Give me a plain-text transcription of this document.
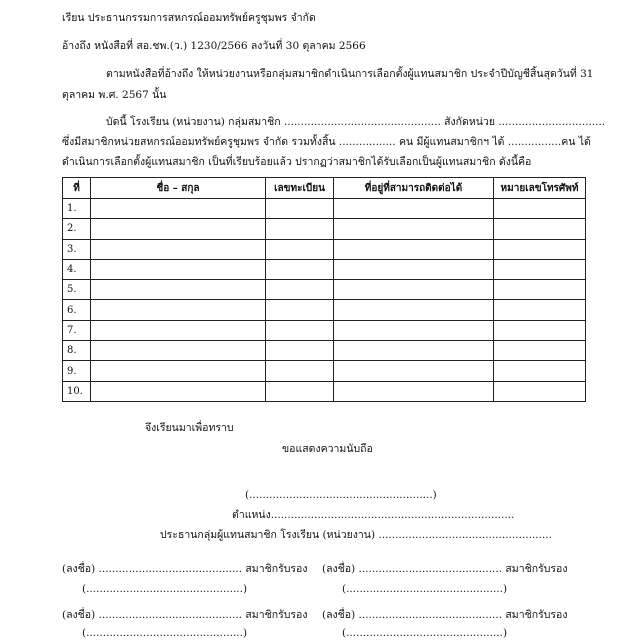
เรียน ประธานกรรมการสหกรณ์ออมทรัพย์ครูชุมพร จำกัด
อ้างถึง หนังสือที่ สอ.ชพ.(ว.) 1230/2566 ลงวันที่ 30 ตุลาคม 2566
ตามหนังสือที่อ้างถึง ให้หน่วยงานหรือกลุ่มสมาชิกดำเนินการเลือกตั้งผู้แทนสมาชิก ประจำปีบัญชีสิ้นสุดวันที่ 31
ตุลาคม พ.ศ. 2567 นั้น
บัดนี้ โรงเรียน (หน่วยงาน) กลุ่มสมาชิก ............................................... สังกัดหน่วย ................................
ซึ่งมีสมาชิกหน่วยสหกรณ์ออมทรัพย์ครูชุมพร จำกัด รวมทั้งสิ้น ................. คน มีผู้แทนสมาชิกฯ ได้ ................คน ได้
ดำเนินการเลือกตั้งผู้แทนสมาชิก เป็นที่เรียบร้อยแล้ว ปรากฏว่าสมาชิกได้รับเลือกเป็นผู้แทนสมาชิก ดังนี้คือ
ที่	ชื่อ – สกุล	เลขทะเบียน	ที่อยู่ที่สามารถติดต่อได้	หมายเลขโทรศัพท์
1.				
2.				
3.				
4.				
5.				
6.				
7.				
8.				
9.				
10.				
จึงเรียนมาเพื่อทราบ
ขอแสดงความนับถือ
(.......................................................)
ตำแหน่ง.........................................................................
ประธานกลุ่มผู้แทนสมาชิก โรงเรียน (หน่วยงาน) ....................................................
(ลงชื่อ) ........................................... สมาชิกรับรอง (ลงชื่อ) ........................................... สมาชิกรับรอง
(...............................................)	(...............................................)
(ลงชื่อ) ........................................... สมาชิกรับรอง (ลงชื่อ) ........................................... สมาชิกรับรอง
(...............................................)	(...............................................)
